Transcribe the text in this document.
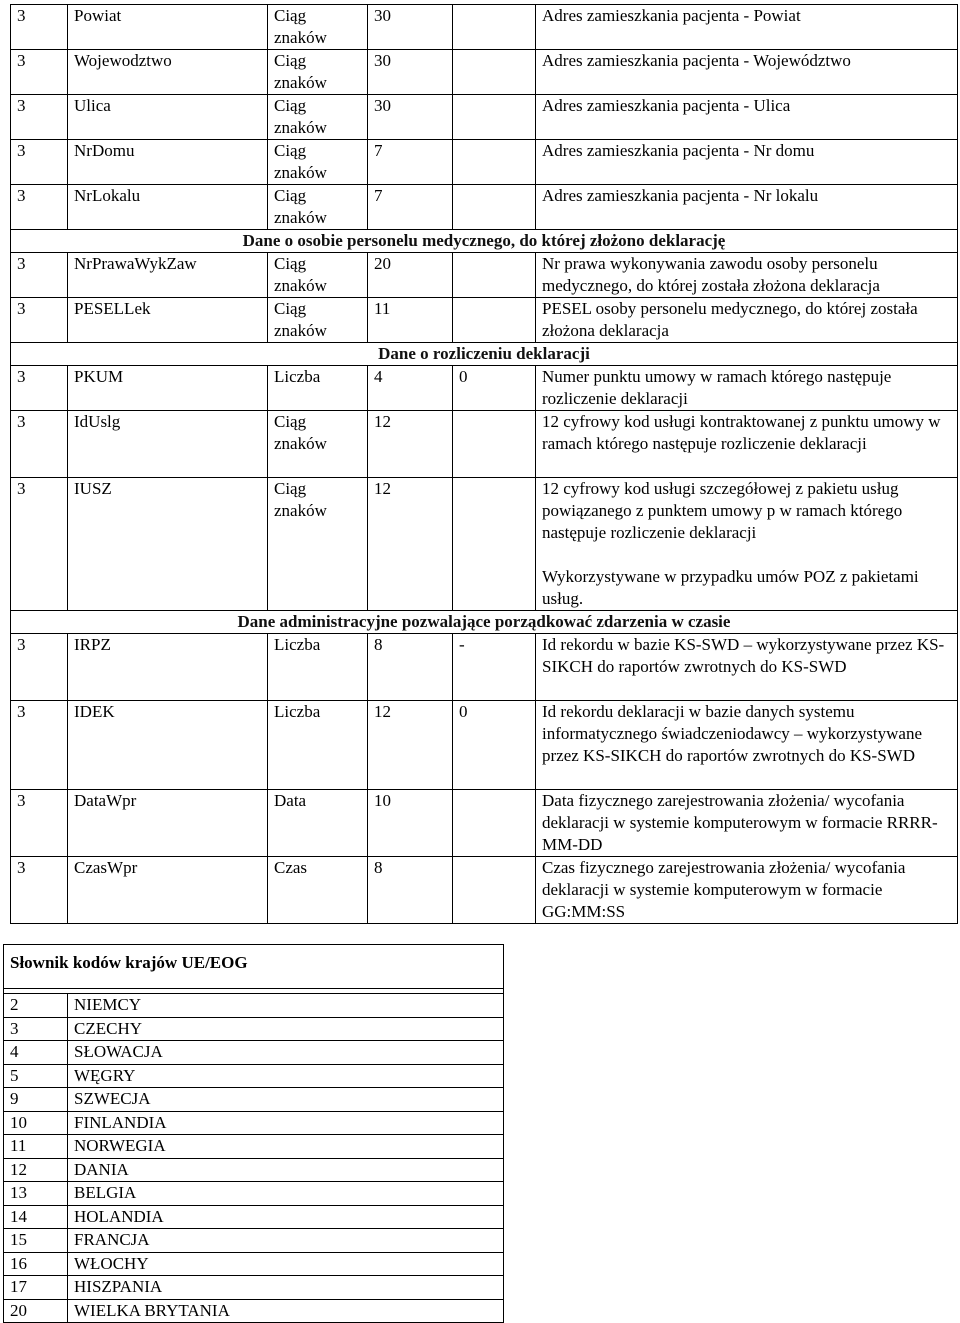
3	Powiat	Ciąg znaków	30		Adres zamieszkania pacjenta - Powiat
3	Wojewodztwo	Ciąg znaków	30		Adres zamieszkania pacjenta - Województwo
3	Ulica	Ciąg znaków	30		Adres zamieszkania pacjenta - Ulica
3	NrDomu	Ciąg znaków	7		Adres zamieszkania pacjenta - Nr domu
3	NrLokalu	Ciąg znaków	7		Adres zamieszkania pacjenta - Nr lokalu
Dane o osobie personelu medycznego, do której złożono deklarację					
3	NrPrawaWykZaw	Ciąg znaków	20		Nr prawa wykonywania zawodu osoby personelu medycznego, do której została złożona deklaracja
3	PESELLek	Ciąg znaków	11		PESEL osoby personelu medycznego, do której została złożona deklaracja
Dane o rozliczeniu deklaracji					
3	PKUM	Liczba	4	0	Numer punktu umowy w ramach którego następuje rozliczenie deklaracji
3	IdUslg	Ciąg znaków	12		12 cyfrowy kod usługi kontraktowanej z punktu umowy w ramach którego następuje rozliczenie deklaracji
3	IUSZ	Ciąg znaków	12		12 cyfrowy kod usługi szczegółowej z pakietu usług powiązanego z punktem umowy p w ramach którego następuje rozliczenie deklaracji
Wykorzystywane w przypadku umów POZ z pakietami usług.

Dane administracyjne pozwalające porządkować zdarzenia w czasie					
3	IRPZ	Liczba	8	-	Id rekordu w bazie KS-SWD – wykorzystywane przez KS-SIKCH do raportów zwrotnych do KS-SWD
3	IDEK	Liczba	12	0	Id rekordu deklaracji w bazie danych systemu informatycznego świadczeniodawcy – wykorzystywane przez KS-SIKCH do raportów zwrotnych do KS-SWD
3	DataWpr	Data	10		Data fizycznego zarejestrowania złożenia/ wycofania deklaracji w systemie komputerowym w formacie RRRR-MM-DD
3	CzasWpr	Czas	8		Czas fizycznego zarejestrowania złożenia/ wycofania deklaracji w systemie komputerowym w formacie GG:MM:SS
Słownik kodów krajów UE/EOG	

2	NIEMCY
3	CZECHY
4	SŁOWACJA
5	WĘGRY
9	SZWECJA
10	FINLANDIA
11	NORWEGIA
12	DANIA
13	BELGIA
14	HOLANDIA
15	FRANCJA
16	WŁOCHY
17	HISZPANIA
20	WIELKA BRYTANIA
